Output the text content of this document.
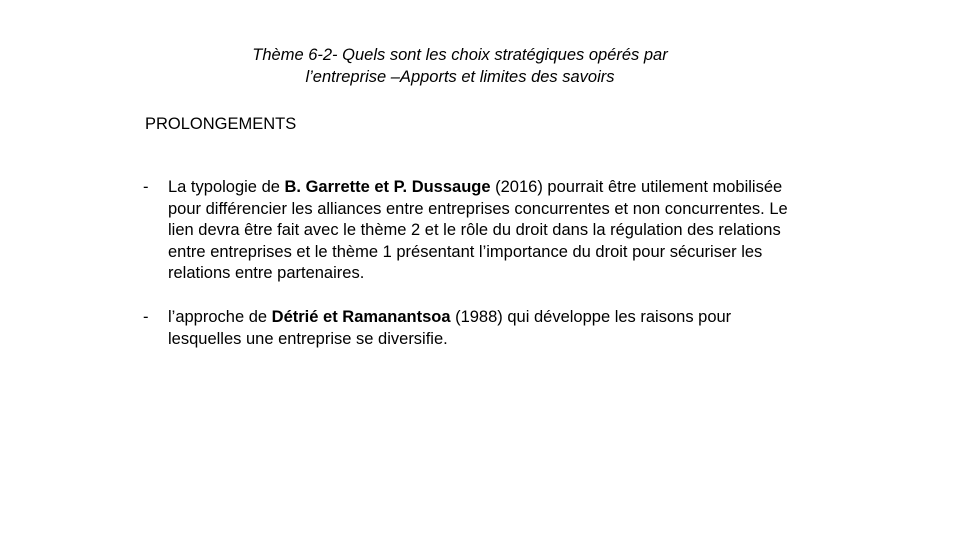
Thème 6-2- Quels sont les choix stratégiques opérés par
l’entreprise –Apports et limites des savoirs

PROLONGEMENTS

- La typologie de B. Garrette et P. Dussauge (2016) pourrait être utilement mobilisée pour différencier les alliances entre entreprises concurrentes et non concurrentes. Le lien devra être fait avec le thème 2 et le rôle du droit dans la régulation des relations entre entreprises et le thème 1 présentant l’importance du droit pour sécuriser les relations entre partenaires.
- l’approche de Détrié et Ramanantsoa (1988) qui développe les raisons pour lesquelles une entreprise se diversifie.
